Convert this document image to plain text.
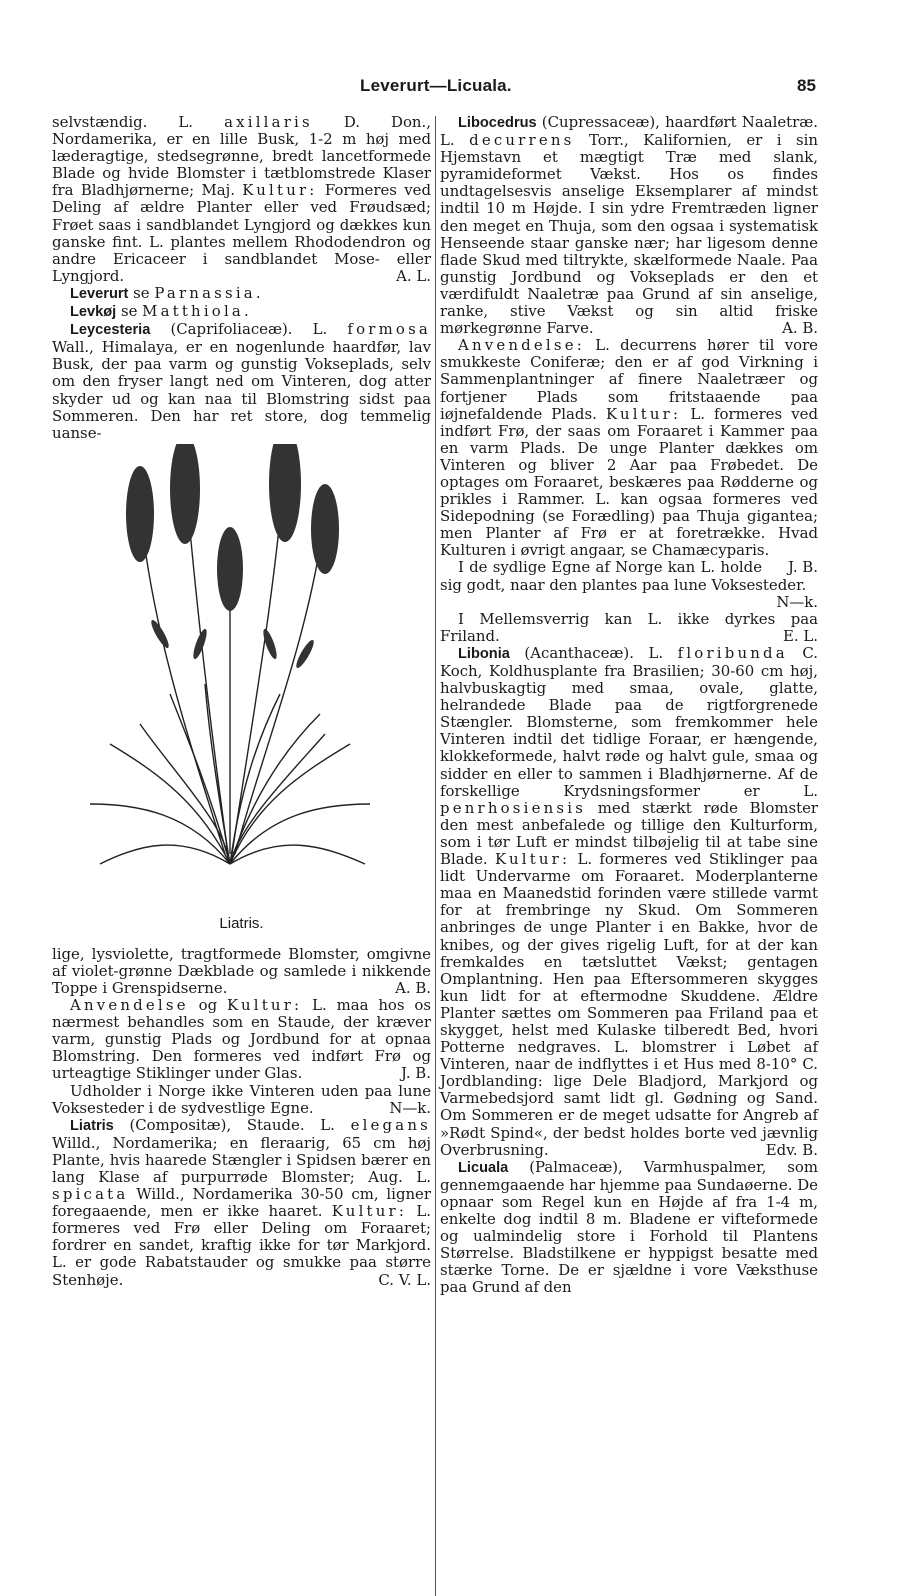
Leverurt—Licuala.	85

selvstændig. L. axillaris D. Don., Nordamerika, er en lille Busk, 1-2 m høj med læderagtige, stedsegrønne, bredt lancetformede Blade og hvide Blomster i tætblomstrede Klaser fra Bladhjørnerne; Maj. Kultur: Formeres ved Deling af ældre Planter eller ved Frøudsæd; Frøet saas i sandblandet Lyngjord og dækkes kun ganske fint. L. plantes mellem Rhododendron og andre Ericaceer i sandblandet Mose- eller Lyngjord.	A. L.

Leverurt se Parnassia.

Levkøj se Matthiola.

Leycesteria (Caprifoliaceæ). L. formosa Wall., Himalaya, er en nogenlunde haardfør, lav Busk, der paa varm og gunstig Vokseplads, selv om den fryser langt ned om Vinteren, dog atter skyder ud og kan naa til Blomstring sidst paa Sommeren. Den har ret store, dog temmelig uanse-

Liatris.

lige, lysviolette, tragtformede Blomster, omgivne af violet-grønne Dækblade og samlede i nikkende Toppe i Grenspidserne.	A. B.

Anvendelse og Kultur: L. maa hos os nærmest behandles som en Staude, der kræver varm, gunstig Plads og Jordbund for at opnaa Blomstring. Den formeres ved indført Frø og urteagtige Stiklinger under Glas.	J. B.

Udholder i Norge ikke Vinteren uden paa lune Voksesteder i de sydvestlige Egne.	N—k.

Liatris (Compositæ), Staude. L. elegans Willd., Nordamerika; en fleraarig, 65 cm høj Plante, hvis haarede Stængler i Spidsen bærer en lang Klase af purpurrøde Blomster; Aug. L. spicata Willd., Nordamerika 30-50 cm, ligner foregaaende, men er ikke haaret. Kultur: L. formeres ved Frø eller Deling om Foraaret; fordrer en sandet, kraftig ikke for tør Markjord. L. er gode Rabatstauder og smukke paa større Stenhøje.	C. V. L.

Libocedrus (Cupressaceæ), haardført Naaletræ. L. decurrens Torr., Kalifornien, er i sin Hjemstavn et mægtigt Træ med slank, pyramideformet Vækst. Hos os findes undtagelsesvis anselige Eksemplarer af mindst indtil 10 m Højde. I sin ydre Fremtræden ligner den meget en Thuja, som den ogsaa i systematisk Henseende staar ganske nær; har ligesom denne flade Skud med tiltrykte, skælformede Naale. Paa gunstig Jordbund og Vokseplads er den et værdifuldt Naaletræ paa Grund af sin anselige, ranke, stive Vækst og sin altid friske mørkegrønne Farve.	A. B.

Anvendelse: L. decurrens hører til vore smukkeste Coniferæ; den er af god Virkning i Sammenplantninger af finere Naaletræer og fortjener Plads som fritstaaende paa iøjnefaldende Plads. Kultur: L. formeres ved indført Frø, der saas om Foraaret i Kammer paa en varm Plads. De unge Planter dækkes om Vinteren og bliver 2 Aar paa Frøbedet. De optages om Foraaret, beskæres paa Rødderne og prikles i Rammer. L. kan ogsaa formeres ved Sidepodning (se Forædling) paa Thuja gigantea; men Planter af Frø er at foretrække. Hvad Kulturen i øvrigt angaar, se Chamæcyparis.
J. B.

I de sydlige Egne af Norge kan L. holde sig godt, naar den plantes paa lune Voksesteder.

N—k.

I Mellemsverrig kan L. ikke dyrkes paa Friland.	E. L.

Libonia (Acanthaceæ). L. floribunda C. Koch, Koldhusplante fra Brasilien; 30-60 cm høj, halvbuskagtig med smaa, ovale, glatte, helrandede Blade paa de rigtforgrenede Stængler. Blomsterne, som fremkommer hele Vinteren indtil det tidlige Foraar, er hængende, klokkeformede, halvt røde og halvt gule, smaa og sidder en eller to sammen i Bladhjørnerne. Af de forskellige Krydsningsformer er L. penrhosiensis med stærkt røde Blomster den mest anbefalede og tillige den Kulturform, som i tør Luft er mindst tilbøjelig til at tabe sine Blade. Kultur: L. formeres ved Stiklinger paa lidt Undervarme om Foraaret. Moderplanterne maa en Maanedstid forinden være stillede varmt for at frembringe ny Skud. Om Sommeren anbringes de unge Planter i en Bakke, hvor de knibes, og der gives rigelig Luft, for at der kan fremkaldes en tætsluttet Vækst; gentagen Omplantning. Hen paa Eftersommeren skygges kun lidt for at eftermodne Skuddene. Ældre Planter sættes om Sommeren paa Friland paa et skygget, helst med Kulaske tilberedt Bed, hvori Potterne nedgraves. L. blomstrer i Løbet af Vinteren, naar de indflyttes i et Hus med 8-10° C. Jordblanding: lige Dele Bladjord, Markjord og Varmebedsjord samt lidt gl. Gødning og Sand. Om Sommeren er de meget udsatte for Angreb af »Rødt Spind«, der bedst holdes borte ved jævnlig Overbrusning.	Edv. B.

Licuala (Palmaceæ), Varmhuspalmer, som gennemgaaende har hjemme paa Sundaøerne. De opnaar som Regel kun en Højde af fra 1-4 m, enkelte dog indtil 8 m. Bladene er vifteformede og ualmindelig store i Forhold til Plantens Størrelse. Bladstilkene er hyppigst besatte med stærke Torne. De er sjældne i vore Væksthuse paa Grund af den
